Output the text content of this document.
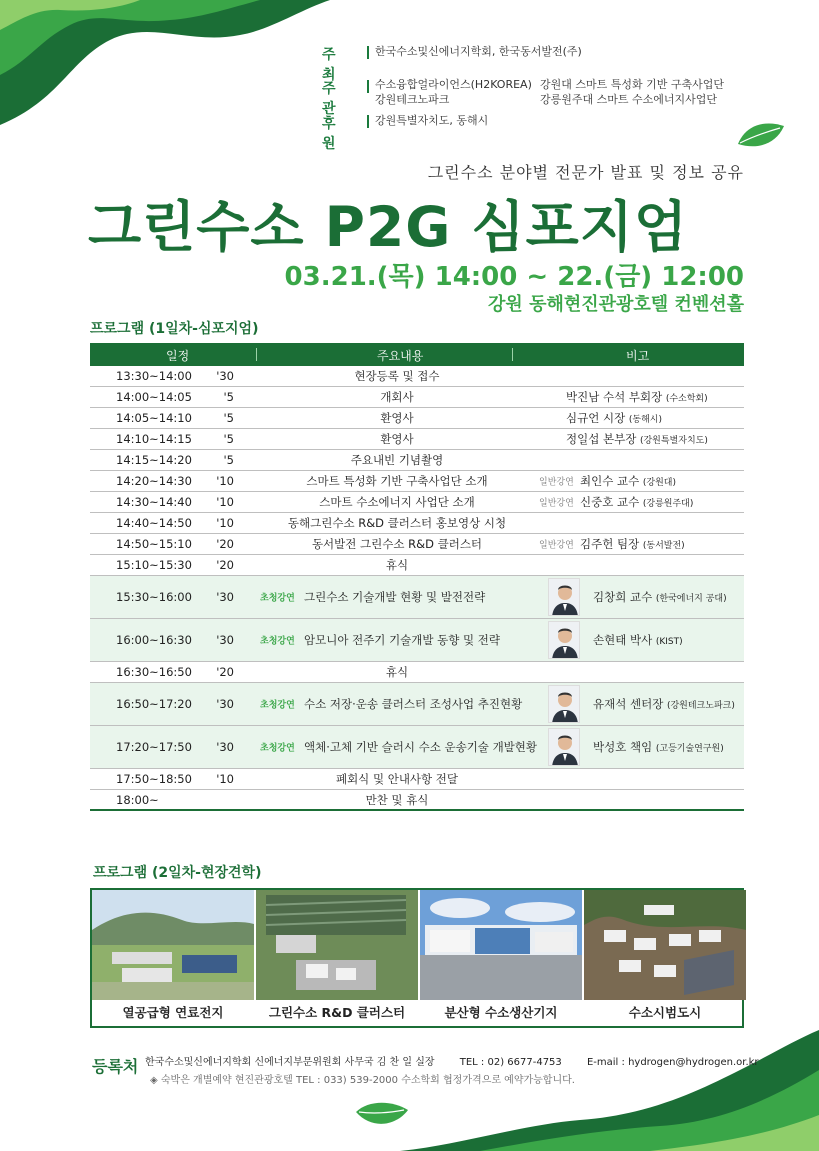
주 최
한국수소및신에너지학회, 한국동서발전(주)
주 관
수소융합얼라이언스(H2KOREA)
강원테크노파크
강원대 스마트 특성화 기반 구축사업단
강릉원주대 스마트 수소에너지사업단
후 원
강원특별자치도, 동해시
그린수소 분야별 전문가 발표 및 정보 공유
그린수소 P2G 심포지엄
03.21.(목) 14:00 ~ 22.(금) 12:00
강원 동해현진관광호텔 컨벤션홀
프로그램 (1일차-심포지엄)
일정	주요내용	비고
13:30~14:00	'30	현장등록 및 접수
14:00~14:05	'5	개회사	박진남 수석 부회장 (수소학회)
14:05~14:10	'5	환영사	심규언 시장 (동해시)
14:10~14:15	'5	환영사	정일섭 본부장 (강원특별자치도)
14:15~14:20	'5	주요내빈 기념촬영
14:20~14:30	'10	스마트 특성화 기반 구축사업단 소개	일반강연 최인수 교수 (강원대)
14:30~14:40	'10	스마트 수소에너지 사업단 소개	일반강연 신중호 교수 (강릉원주대)
14:40~14:50	'10	동해그린수소 R&D 클러스터 홍보영상 시청
14:50~15:10	'20	동서발전 그린수소 R&D 클러스터	일반강연 김주헌 팀장 (동서발전)
15:10~15:30	'20	휴식
15:30~16:00	'30	초청강연 그린수소 기술개발 현황 및 발전전략	김창희 교수 (한국에너지 공대)
16:00~16:30	'30	초청강연 암모니아 전주기 기술개발 동향 및 전략	손현태 박사 (KIST)
16:30~16:50	'20	휴식
16:50~17:20	'30	초청강연 수소 저장·운송 클러스터 조성사업 추진현황	유재석 센터장 (강원테크노파크)
17:20~17:50	'30	초청강연 액체·고체 기반 슬러시 수소 운송기술 개발현황	박성호 책임 (고등기술연구원)
17:50~18:50	'10	폐회식 및 안내사항 전달
18:00~	만찬 및 휴식
프로그램 (2일차-현장견학)
열공급형 연료전지	그린수소 R&D 클러스터	분산형 수소생산기지	수소시범도시
등록처 한국수소및신에너지학회 신에너지부문위원회 사무국 김 찬 일 실장	TEL : 02) 6677-4753	E-mail : hydrogen@hydrogen.or.kr
◈ 숙박은 개별예약 현진관광호텔 TEL : 033) 539-2000 수소학회 협정가격으로 예약가능합니다.
